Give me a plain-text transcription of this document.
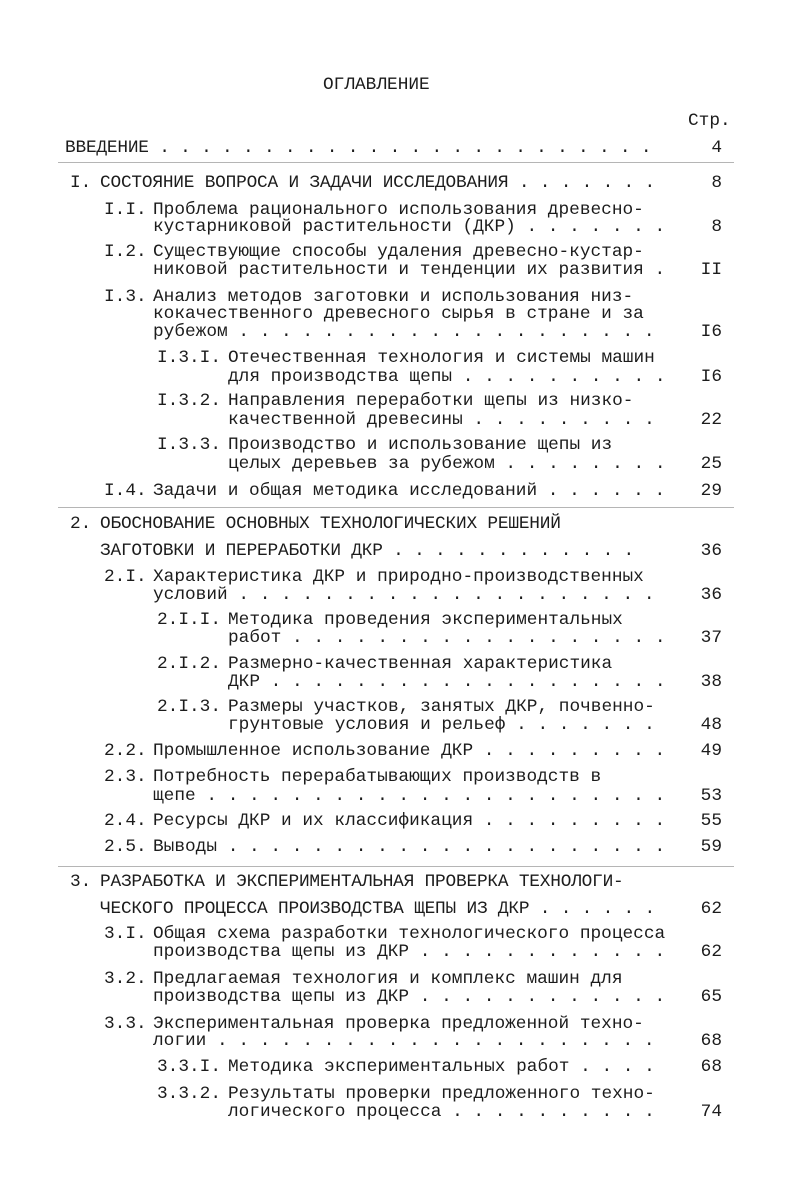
ОГЛАВЛЕНИЕ
Стр.
ВВЕДЕНИЕ . . . . . . . . . . . . . . . . . . . . . . . .	4
I. СОСТОЯНИЕ ВОПРОСА И ЗАДАЧИ ИССЛЕДОВАНИЯ . . . . . . .	8
I.I. Проблема рационального использования древесно-
кустарниковой растительности (ДКР) . . . . . . .	8
I.2. Существующие способы удаления древесно-кустар-
никовой растительности и тенденции их развития . II
I.3. Анализ методов заготовки и использования низ-
кокачественного древесного сырья в стране и за
рубежом . . . . . . . . . . . . . . . . . . . .	I6
I.3.I. Отечественная технология и системы машин
для производства щепы . . . . . . . . . . I6
I.3.2. Направления переработки щепы из низко-
качественной древесины . . . . . . . . .	22
I.3.3. Производство и использование щепы из
целых деревьев за рубежом . . . . . . . . 25
I.4. Задачи и общая методика исследований . . . . . . 29
2. ОБОСНОВАНИЕ ОСНОВНЫХ ТЕХНОЛОГИЧЕСКИХ РЕШЕНИЙ
ЗАГОТОВКИ И ПЕРЕРАБОТКИ ДКР . . . . . . . . . . . .	36
2.I. Характеристика ДКР и природно-производственных
условий . . . . . . . . . . . . . . . . . . . .	36
2.I.I. Методика проведения экспериментальных
работ . . . . . . . . . . . . . . . . . . 37
2.I.2. Размерно-качественная характеристика
ДКР . . . . . . . . . . . . . . . . . . . 38
2.I.3. Размеры участков, занятых ДКР, почвенно-
грунтовые условия и рельеф . . . . . . .	48
2.2. Промышленное использование ДКР . . . . . . . . . 49
2.3. Потребность перерабатывающих производств в
щепе . . . . . . . . . . . . . . . . . . . . . . 53
2.4. Ресурсы ДКР и их классификация . . . . . . . . . 55
2.5. Выводы . . . . . . . . . . . . . . . . . . . . . 59
3. РАЗРАБОТКА И ЭКСПЕРИМЕНТАЛЬНАЯ ПРОВЕРКА ТЕХНОЛОГИ-
ЧЕСКОГО ПРОЦЕССА ПРОИЗВОДСТВА ЩЕПЫ ИЗ ДКР . . . . . .	62
3.I. Общая схема разработки технологического процесса
производства щепы из ДКР . . . . . . . . . . . . 62
3.2. Предлагаемая технология и комплекс машин для
производства щепы из ДКР . . . . . . . . . . . . 65
3.3. Экспериментальная проверка предложенной техно-
логии . . . . . . . . . . . . . . . . . . . . .	68
3.3.I. Методика экспериментальных работ . . . .	68
3.3.2. Результаты проверки предложенного техно-
логического процесса . . . . . . . . . .	74
